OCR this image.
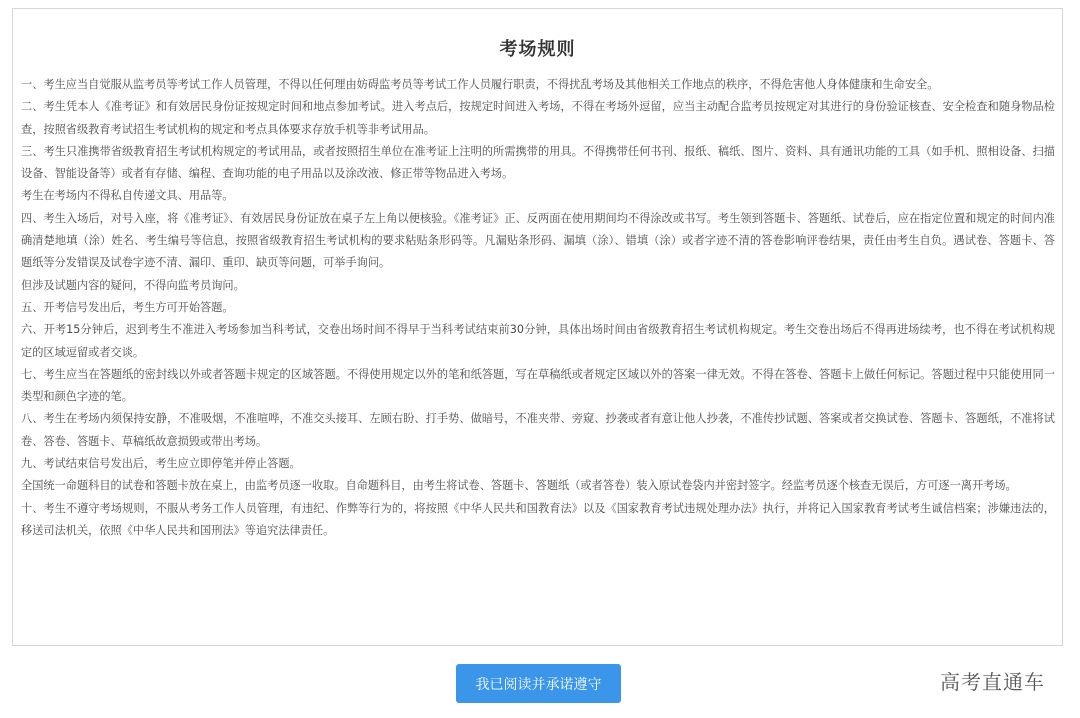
考场规则

一、考生应当自觉服从监考员等考试工作人员管理，不得以任何理由妨碍监考员等考试工作人员履行职责，不得扰乱考场及其他相关工作地点的秩序，不得危害他人身体健康和生命安全。

二、考生凭本人《准考证》和有效居民身份证按规定时间和地点参加考试。进入考点后，按规定时间进入考场，不得在考场外逗留，应当主动配合监考员按规定对其进行的身份验证核查、安全检查和随身物品检查，按照省级教育考试招生考试机构的规定和考点具体要求存放手机等非考试用品。

三、考生只准携带省级教育招生考试机构规定的考试用品，或者按照招生单位在准考证上注明的所需携带的用具。不得携带任何书刊、报纸、稿纸、图片、资料、具有通讯功能的工具（如手机、照相设备、扫描设备、智能设备等）或者有存储、编程、查询功能的电子用品以及涂改液、修正带等物品进入考场。

考生在考场内不得私自传递文具、用品等。

四、考生入场后，对号入座，将《准考证》、有效居民身份证放在桌子左上角以便核验。《准考证》正、反两面在使用期间均不得涂改或书写。考生领到答题卡、答题纸、试卷后，应在指定位置和规定的时间内准确清楚地填（涂）姓名、考生编号等信息，按照省级教育招生考试机构的要求粘贴条形码等。凡漏贴条形码、漏填（涂）、错填（涂）或者字迹不清的答卷影响评卷结果，责任由考生自负。遇试卷、答题卡、答题纸等分发错误及试卷字迹不清、漏印、重印、缺页等问题，可举手询问。

但涉及试题内容的疑问，不得向监考员询问。

五、开考信号发出后，考生方可开始答题。

六、开考15分钟后，迟到考生不准进入考场参加当科考试，交卷出场时间不得早于当科考试结束前30分钟，具体出场时间由省级教育招生考试机构规定。考生交卷出场后不得再进场续考，也不得在考试机构规定的区域逗留或者交谈。

七、考生应当在答题纸的密封线以外或者答题卡规定的区域答题。不得使用规定以外的笔和纸答题，写在草稿纸或者规定区域以外的答案一律无效。不得在答卷、答题卡上做任何标记。答题过程中只能使用同一类型和颜色字迹的笔。

八、考生在考场内须保持安静，不准吸烟，不准喧哗，不准交头接耳、左顾右盼、打手势、做暗号，不准夹带、旁窥、抄袭或者有意让他人抄袭，不准传抄试题、答案或者交换试卷、答题卡、答题纸，不准将试卷、答卷、答题卡、草稿纸故意损毁或带出考场。

九、考试结束信号发出后，考生应立即停笔并停止答题。

全国统一命题科目的试卷和答题卡放在桌上，由监考员逐一收取。自命题科目，由考生将试卷、答题卡、答题纸（或者答卷）装入原试卷袋内并密封签字。经监考员逐个核查无误后，方可逐一离开考场。

十、考生不遵守考场规则，不服从考务工作人员管理，有违纪、作弊等行为的，将按照《中华人民共和国教育法》以及《国家教育考试违规处理办法》执行，并将记入国家教育考试考生诚信档案；涉嫌违法的，移送司法机关，依照《中华人民共和国刑法》等追究法律责任。

我已阅读并承诺遵守	高考直通车
